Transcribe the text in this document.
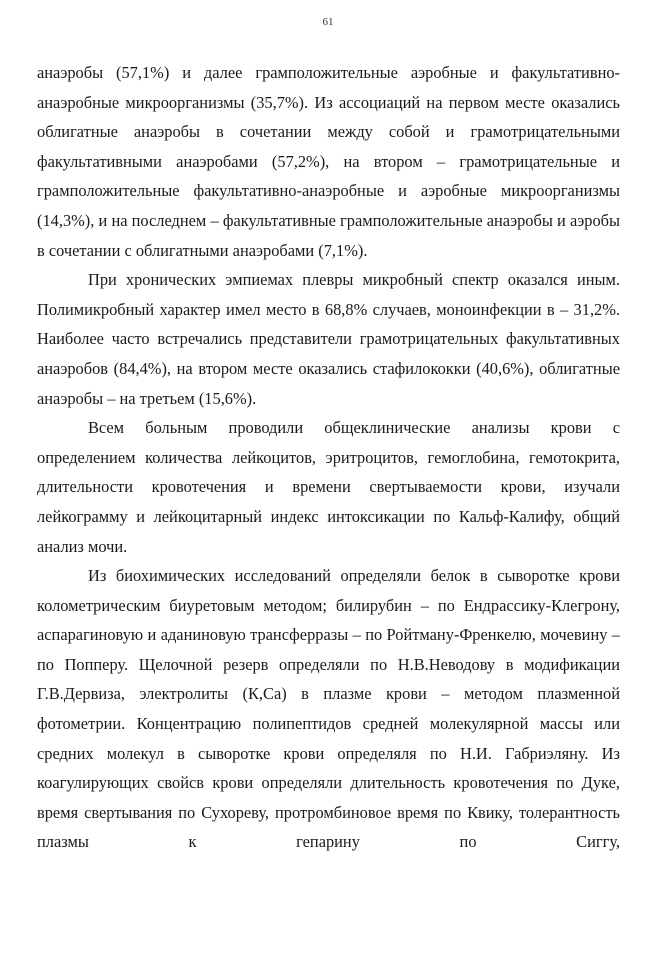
61

анаэробы (57,1%) и далее грамположительные аэробные и факультативно-анаэробные микроорганизмы (35,7%). Из ассоциаций на первом месте оказались облигатные анаэробы в сочетании между собой и грамотрицательными факультативными анаэробами (57,2%), на втором – грамотрицательные и грамположительные факультативно-анаэробные и аэробные микроорганизмы (14,3%), и на последнем – факультативные грамположительные анаэробы и аэробы в сочетании с облигатными анаэробами (7,1%).

При хронических эмпиемах плевры микробный спектр оказался иным. Полимикробный характер имел место в 68,8% случаев, моноинфекции в – 31,2%. Наиболее часто встречались представители грамотрицательных факультативных анаэробов (84,4%), на втором месте оказались стафилококки (40,6%), облигатные анаэробы – на третьем (15,6%).

Всем больным проводили общеклинические анализы крови с определением количества лейкоцитов, эритроцитов, гемоглобина, гемотокрита, длительности кровотечения и времени свертываемости крови, изучали лейкограмму и лейкоцитарный индекс интоксикации по Кальф-Калифу, общий анализ мочи.

Из биохимических исследований определяли белок в сыворотке крови колометрическим биуретовым методом; билирубин – по Ендрассику-Клегрону, аспарагиновую и аданиновую трансферразы – по Ройтману-Френкелю, мочевину – по Попперу. Щелочной резерв определяли по Н.В.Неводову в модификации Г.В.Дервиза, электролиты (К,Са) в плазме крови – методом плазменной фотометрии. Концентрацию полипептидов средней молекулярной массы или средних молекул в сыворотке крови определяля по Н.И. Габриэляну. Из коагулирующих свойсв крови определяли длительность кровотечения по Дуке, время свертывания по Сухореву, протромбиновое время по Квику, толерантность плазмы к гепарину по Сиггу,
